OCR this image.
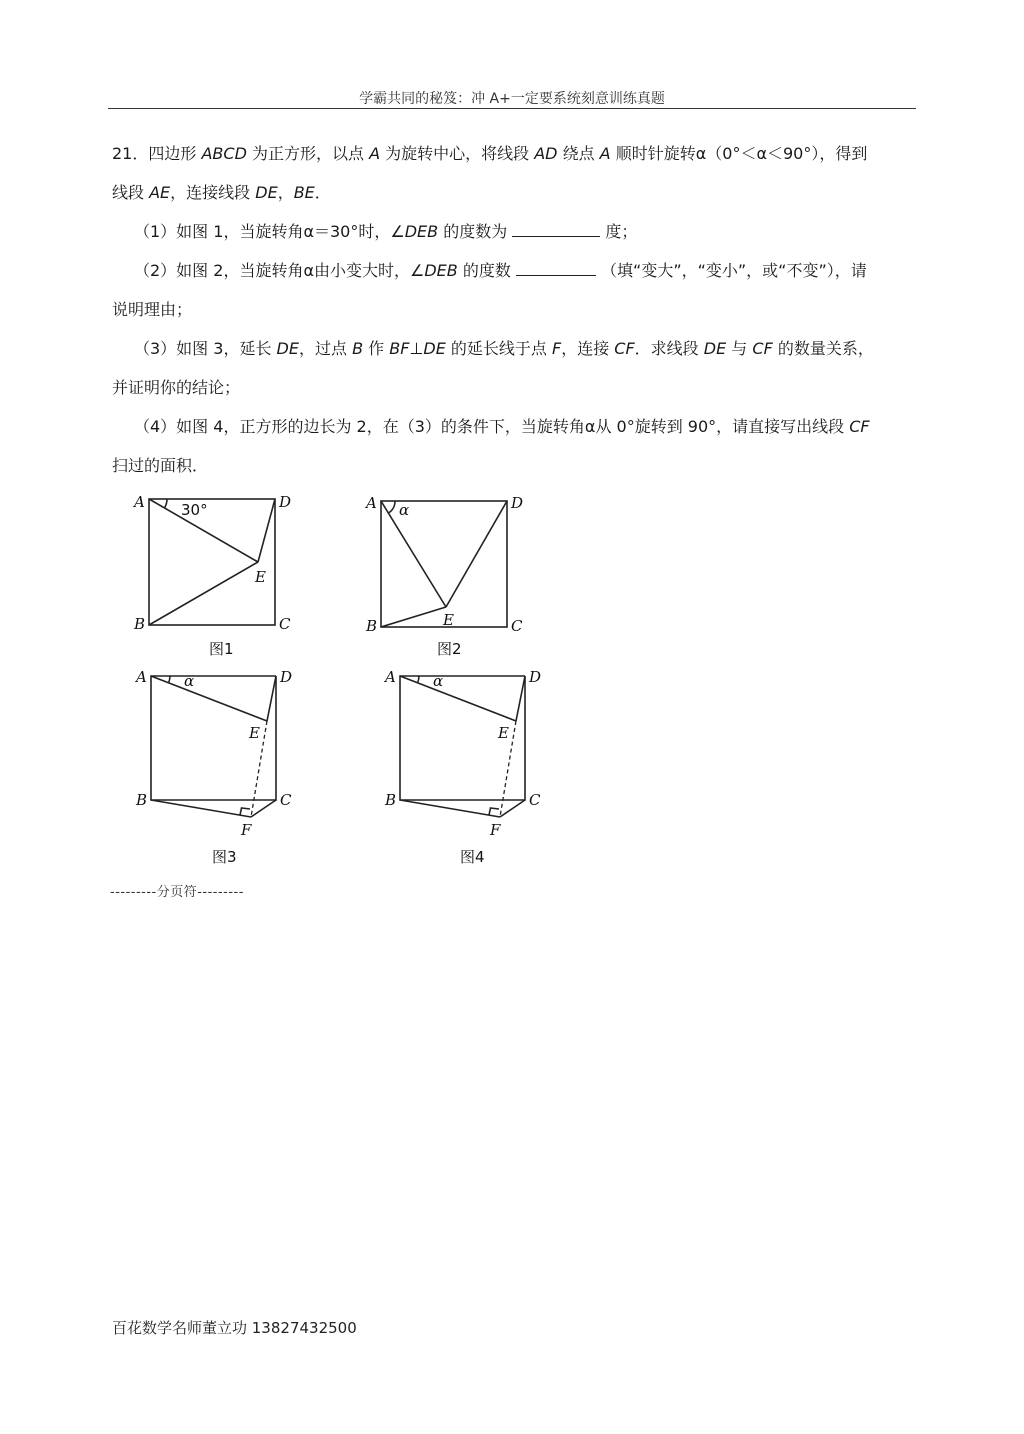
学霸共同的秘笈：冲 A+一定要系统刻意训练真题
21．四边形 ABCD 为正方形，以点 A 为旋转中心，将线段 AD 绕点 A 顺时针旋转α（0°＜α＜90°），得到
线段 AE，连接线段 DE，BE．
（1）如图 1，当旋转角α＝30°时，∠DEB 的度数为	度；
（2）如图 2，当旋转角α由小变大时，∠DEB 的度数	（填“变大”，“变小”，或“不变”），请
说明理由；
（3）如图 3，延长 DE，过点 B 作 BF⊥DE 的延长线于点 F，连接 CF．求线段 DE 与 CF 的数量关系，
并证明你的结论；
（4）如图 4，正方形的边长为 2，在（3）的条件下，当旋转角α从 0°旋转到 90°，请直接写出线段 CF
扫过的面积．
A
B	C
D
E
30°
图1
A
B	C
D
E
α
图2
A
B	C
D
E
F
α
图3
A
B	C
D
E
F
α
图4
---------分页符---------
百花数学名师董立功 13827432500
